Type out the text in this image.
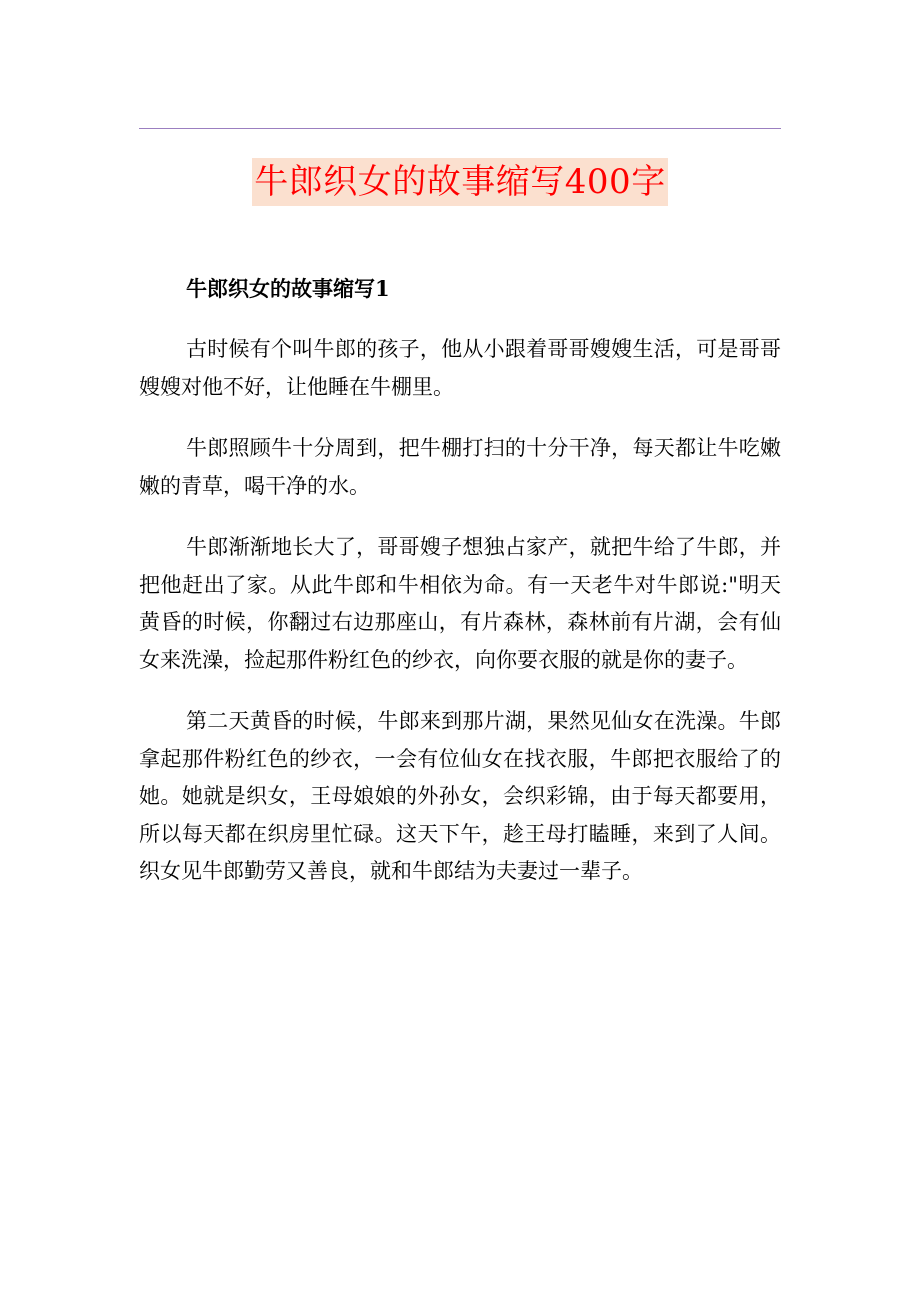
牛郎织女的故事缩写400字

牛郎织女的故事缩写1

古时候有个叫牛郎的孩子，他从小跟着哥哥嫂嫂生活，可是哥哥嫂嫂对他不好，让他睡在牛棚里。

牛郎照顾牛十分周到，把牛棚打扫的十分干净，每天都让牛吃嫩嫩的青草，喝干净的水。

牛郎渐渐地长大了，哥哥嫂子想独占家产，就把牛给了牛郎，并把他赶出了家。从此牛郎和牛相依为命。有一天老牛对牛郎说:"明天黄昏的时候，你翻过右边那座山，有片森林，森林前有片湖，会有仙女来洗澡，捡起那件粉红色的纱衣，向你要衣服的就是你的妻子。

第二天黄昏的时候，牛郎来到那片湖，果然见仙女在洗澡。牛郎拿起那件粉红色的纱衣，一会有位仙女在找衣服，牛郎把衣服给了的她。她就是织女，王母娘娘的外孙女，会织彩锦，由于每天都要用，所以每天都在织房里忙碌。这天下午，趁王母打瞌睡，来到了人间。织女见牛郎勤劳又善良，就和牛郎结为夫妻过一辈子。
